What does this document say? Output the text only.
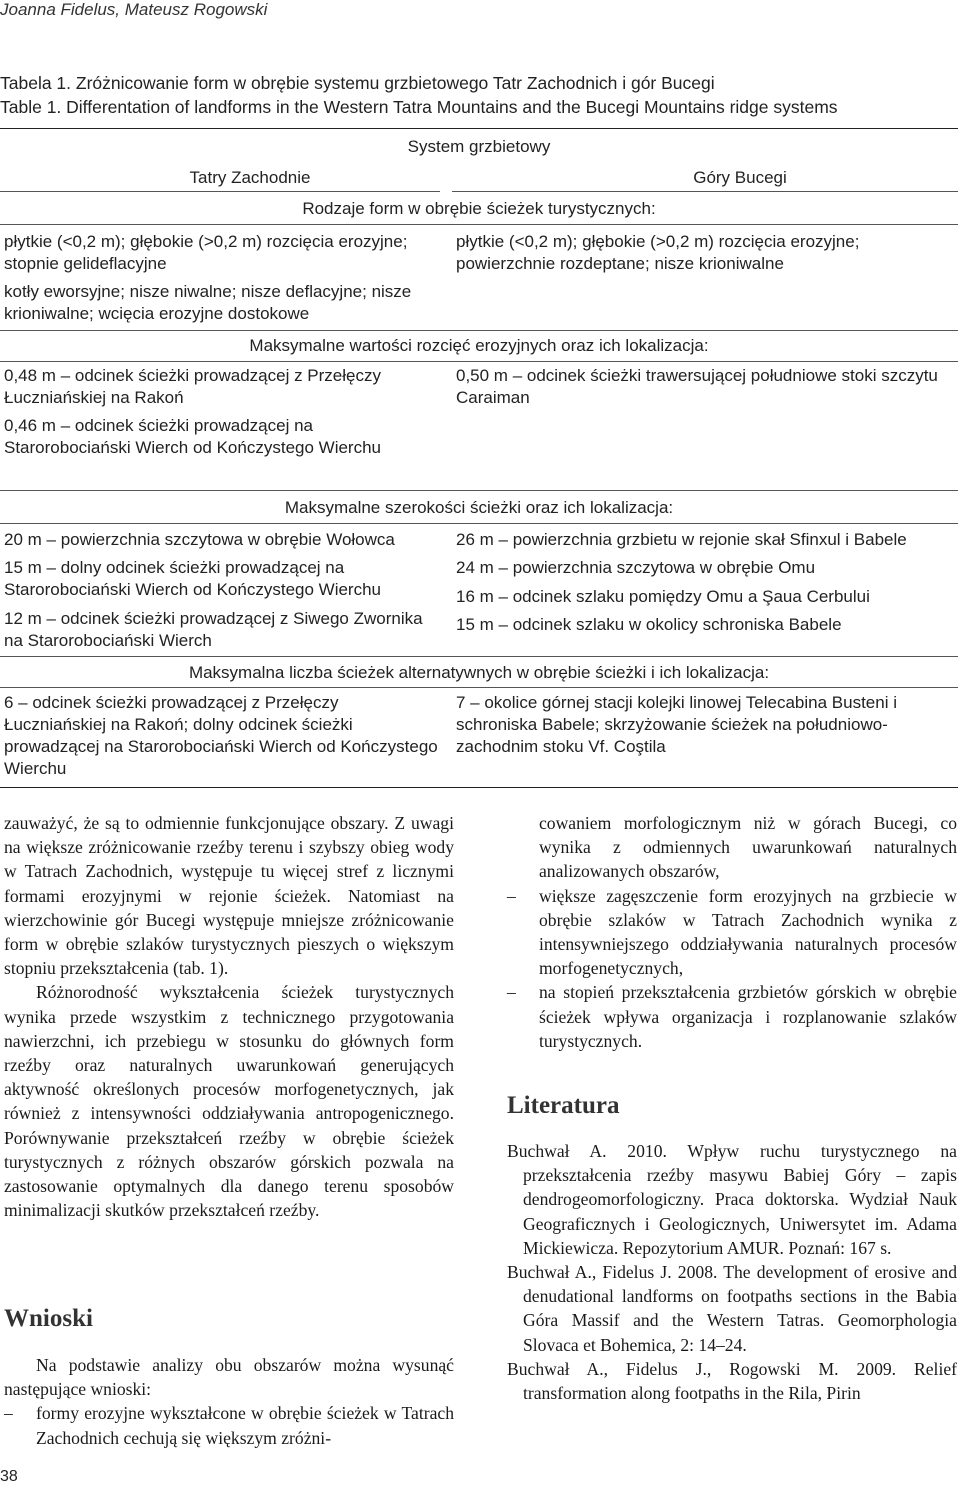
Joanna Fidelus, Mateusz Rogowski
Tabela 1. Zróżnicowanie form w obrębie systemu grzbietowego Tatr Zachodnich i gór Bucegi
Table 1. Differentation of landforms in the Western Tatra Mountains and the Bucegi Mountains ridge systems
System grzbietowy
Tatry Zachodnie	Góry Bucegi
Rodzaje form w obrębie ścieżek turystycznych:
płytkie (<0,2 m); głębokie (>0,2 m) rozcięcia erozyjne; stopnie gelideflacyjne
kotły eworsyjne; nisze niwalne; nisze deflacyjne; nisze krioniwalne; wcięcia erozyjne dostokowe
płytkie (<0,2 m); głębokie (>0,2 m) rozcięcia erozyjne; powierzchnie rozdeptane; nisze krioniwalne
Maksymalne wartości rozcięć erozyjnych oraz ich lokalizacja:
0,48 m – odcinek ścieżki prowadzącej z Przełęczy Łuczniańskiej na Rakoń
0,46 m – odcinek ścieżki prowadzącej na Starorobociański Wierch od Kończystego Wierchu
0,50 m – odcinek ścieżki trawersującej południowe stoki szczytu Caraiman
Maksymalne szerokości ścieżki oraz ich lokalizacja:
20 m – powierzchnia szczytowa w obrębie Wołowca
15 m – dolny odcinek ścieżki prowadzącej na Starorobociański Wierch od Kończystego Wierchu
12 m – odcinek ścieżki prowadzącej z Siwego Zwornika na Starorobociański Wierch
26 m – powierzchnia grzbietu w rejonie skał Sfinxul i Babele
24 m – powierzchnia szczytowa w obrębie Omu
16 m – odcinek szlaku pomiędzy Omu a Şaua Cerbului
15 m – odcinek szlaku w okolicy schroniska Babele
Maksymalna liczba ścieżek alternatywnych w obrębie ścieżki i ich lokalizacja:
6 – odcinek ścieżki prowadzącej z Przełęczy Łuczniańskiej na Rakoń; dolny odcinek ścieżki prowadzącej na Starorobociański Wierch od Kończystego Wierchu
7 – okolice górnej stacji kolejki linowej Telecabina Busteni i schroniska Babele; skrzyżowanie ścieżek na południowo-zachodnim stoku Vf. Coştila

zauważyć, że są to odmiennie funkcjonujące obszary. Z uwagi na większe zróżnicowanie rzeźby terenu i szybszy obieg wody w Tatrach Zachodnich, występuje tu więcej stref z licznymi formami erozyjnymi w rejonie ścieżek. Natomiast na wierzchowinie gór Bucegi występuje mniejsze zróżnicowanie form w obrębie szlaków turystycznych pieszych o większym stopniu przekształcenia (tab. 1).

Różnorodność wykształcenia ścieżek turystycznych wynika przede wszystkim z technicznego przygotowania nawierzchni, ich przebiegu w stosunku do głównych form rzeźby oraz naturalnych uwarunkowań generujących aktywność określonych procesów morfogenetycznych, jak również z intensywności oddziaływania antropogenicznego. Porównywanie przekształceń rzeźby w obrębie ścieżek turystycznych z różnych obszarów górskich pozwala na zastosowanie optymalnych dla danego terenu sposobów minimalizacji skutków przekształceń rzeźby.

Wnioski

Na podstawie analizy obu obszarów można wysunąć następujące wnioski:

– formy erozyjne wykształcone w obrębie ścieżek w Tatrach Zachodnich cechują się większym zróżni-

cowaniem morfologicznym niż w górach Bucegi, co wynika z odmiennych uwarunkowań naturalnych analizowanych obszarów,

– większe zagęszczenie form erozyjnych na grzbiecie w obrębie szlaków w Tatrach Zachodnich wynika z intensywniejszego oddziaływania naturalnych procesów morfogenetycznych,
– na stopień przekształcenia grzbietów górskich w obrębie ścieżek wpływa organizacja i rozplanowanie szlaków turystycznych.
Literatura

Buchwał A. 2010. Wpływ ruchu turystycznego na przekształcenia rzeźby masywu Babiej Góry – zapis dendrogeomorfologiczny. Praca doktorska. Wydział Nauk Geograficznych i Geologicznych, Uniwersytet im. Adama Mickiewicza. Repozytorium AMUR. Poznań: 167 s.

Buchwał A., Fidelus J. 2008. The development of erosive and denudational landforms on footpaths sections in the Babia Góra Massif and the Western Tatras. Geomorphologia Slovaca et Bohemica, 2: 14–24.

Buchwał A., Fidelus J., Rogowski M. 2009. Relief transformation along footpaths in the Rila, Pirin

38
